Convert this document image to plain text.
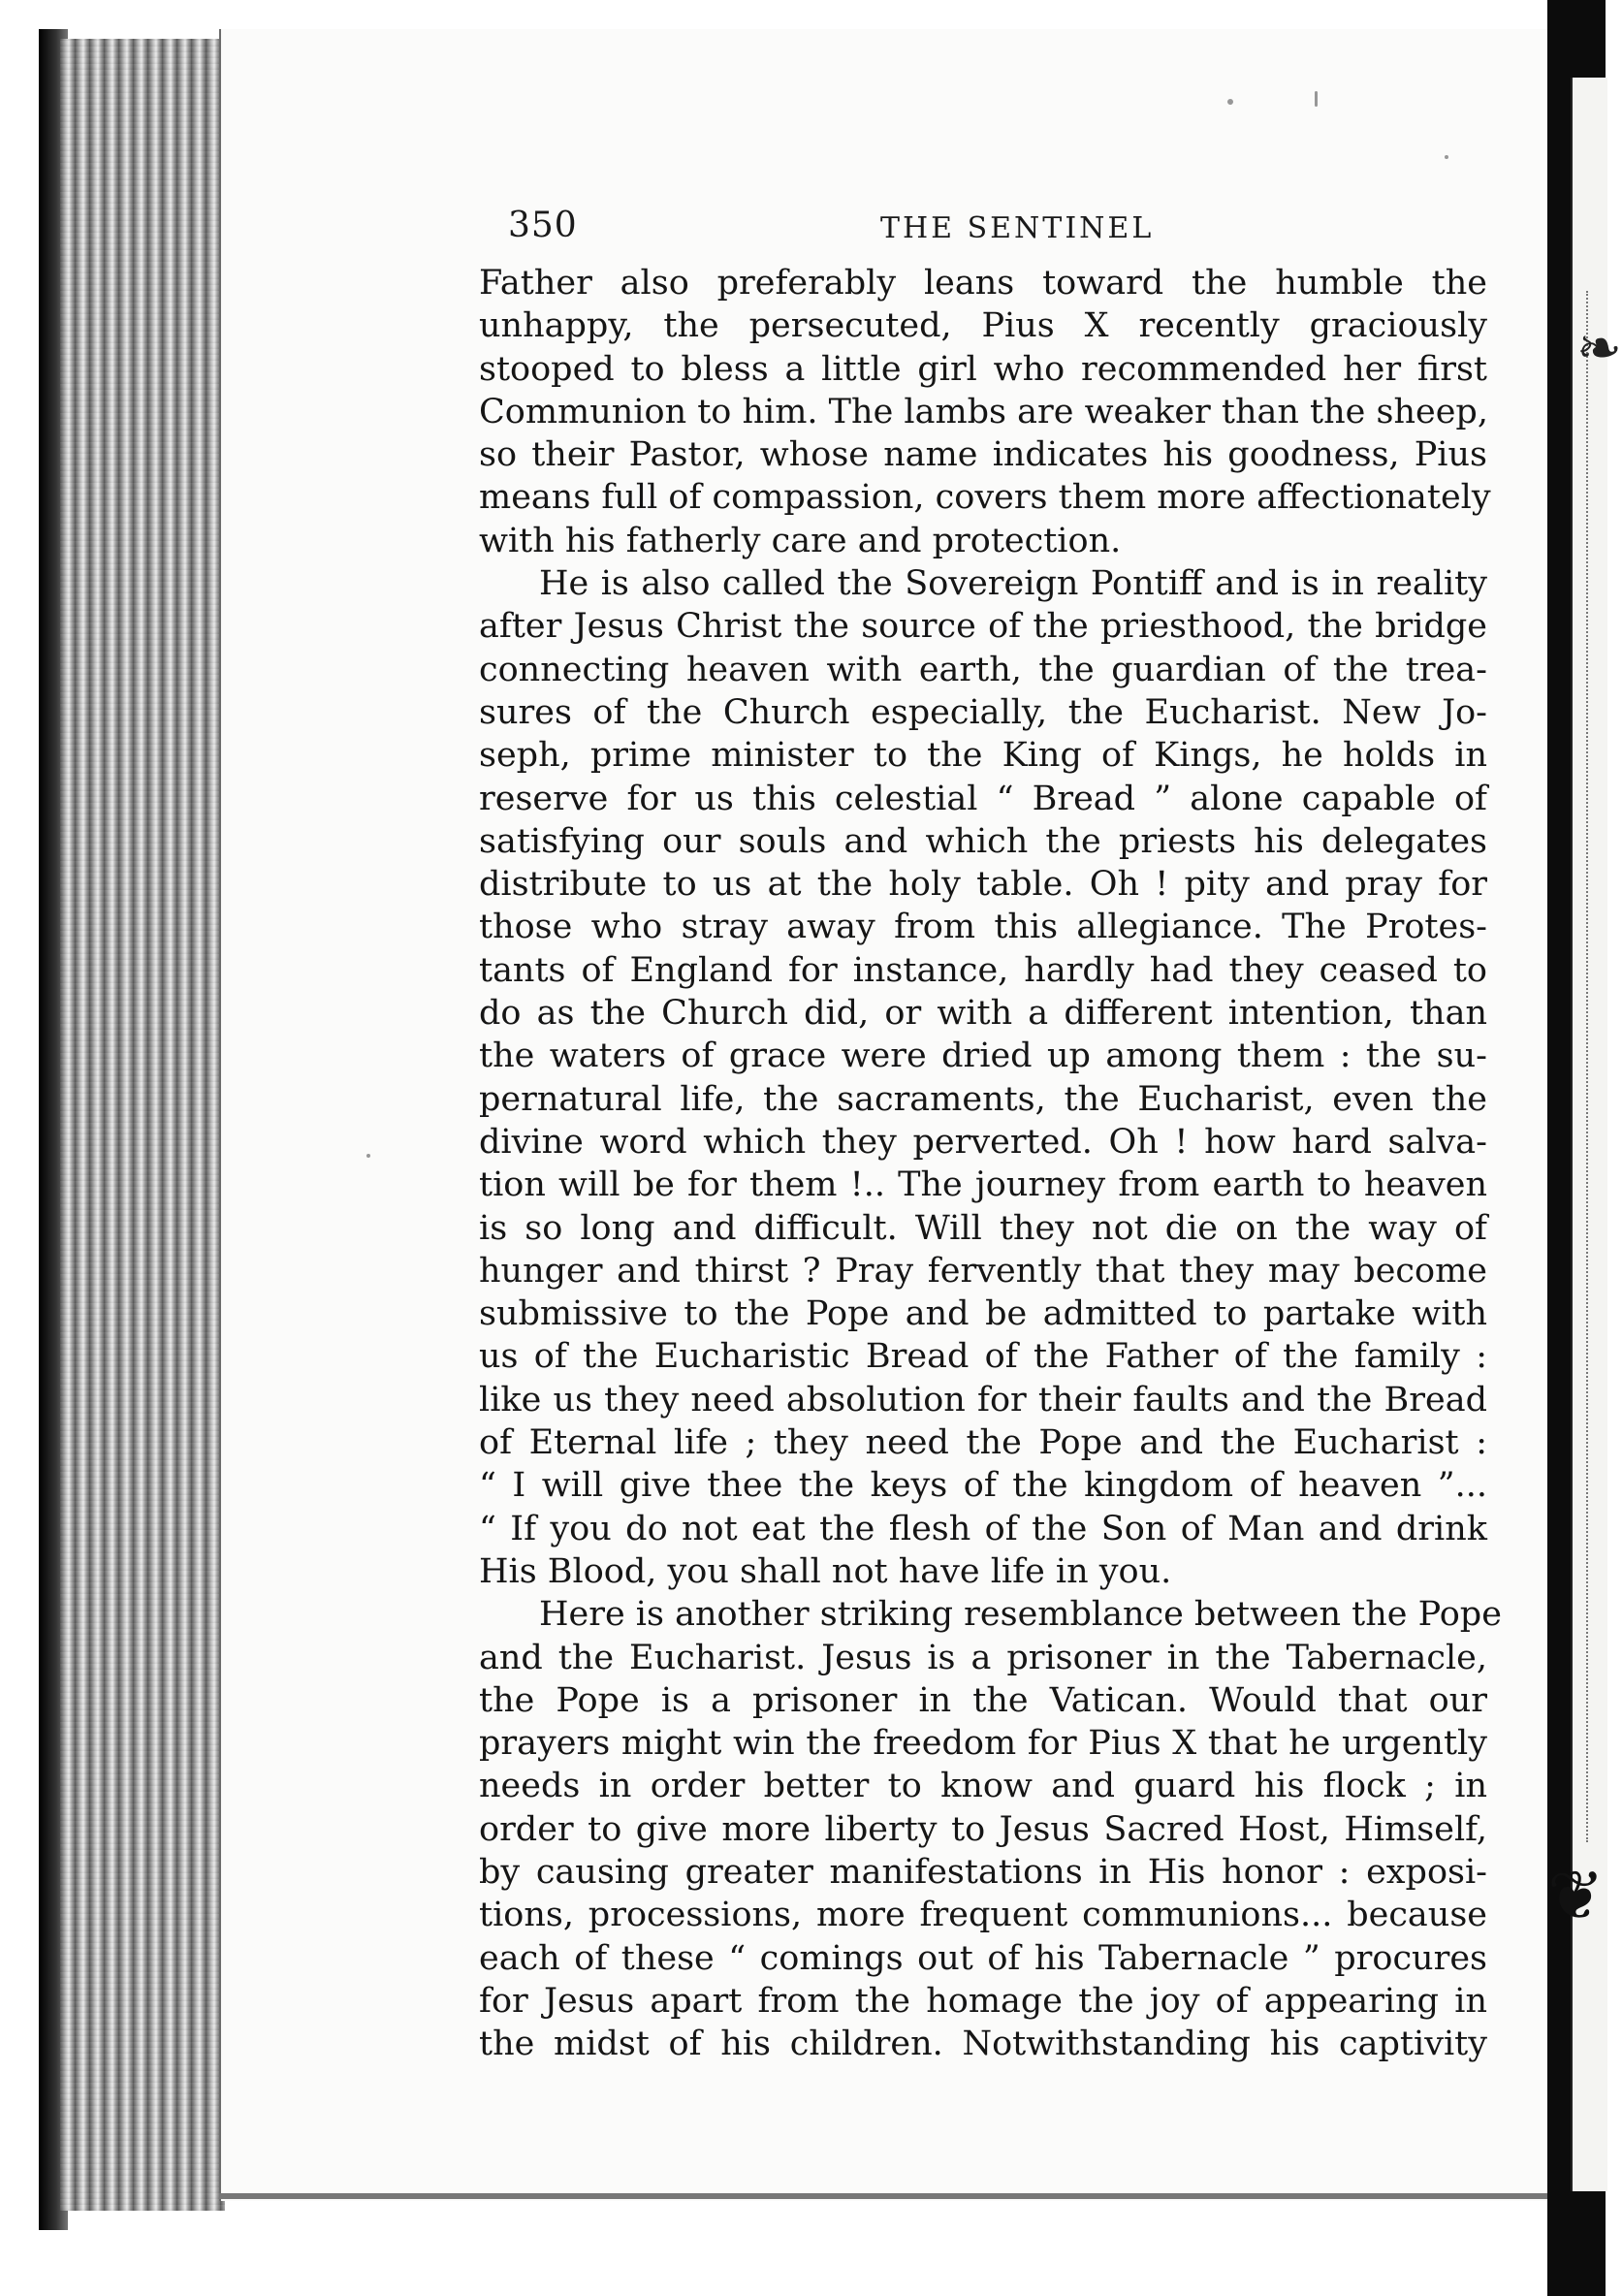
❧
❦
350	THE SENTINEL
Father also preferably leans toward the humble the
unhappy, the persecuted, Pius X recently graciously
stooped to bless a little girl who recommended her first
Communion to him. The lambs are weaker than the sheep,
so their Pastor, whose name indicates his goodness, Pius
means full of compassion, covers them more affectionately
with his fatherly care and protection.
He is also called the Sovereign Pontiff and is in reality
after Jesus Christ the source of the priesthood, the bridge
connecting heaven with earth, the guardian of the trea-
sures of the Church especially, the Eucharist. New Jo-
seph, prime minister to the King of Kings, he holds in
reserve for us this celestial “ Bread ” alone capable of
satisfying our souls and which the priests his delegates
distribute to us at the holy table. Oh ! pity and pray for
those who stray away from this allegiance. The Protes-
tants of England for instance, hardly had they ceased to
do as the Church did, or with a different intention, than
the waters of grace were dried up among them : the su-
pernatural life, the sacraments, the Eucharist, even the
divine word which they perverted. Oh ! how hard salva-
tion will be for them !.. The journey from earth to heaven
is so long and difficult. Will they not die on the way of
hunger and thirst ? Pray fervently that they may become
submissive to the Pope and be admitted to partake with
us of the Eucharistic Bread of the Father of the family :
like us they need absolution for their faults and the Bread
of Eternal life ; they need the Pope and the Eucharist :
“ I will give thee the keys of the kingdom of heaven ”...
“ If you do not eat the flesh of the Son of Man and drink
His Blood, you shall not have life in you.
Here is another striking resemblance between the Pope
and the Eucharist. Jesus is a prisoner in the Tabernacle,
the Pope is a prisoner in the Vatican. Would that our
prayers might win the freedom for Pius X that he urgently
needs in order better to know and guard his flock ; in
order to give more liberty to Jesus Sacred Host, Himself,
by causing greater manifestations in His honor : exposi-
tions, processions, more frequent communions... because
each of these “ comings out of his Tabernacle ” procures
for Jesus apart from the homage the joy of appearing in
the midst of his children. Notwithstanding his captivity
